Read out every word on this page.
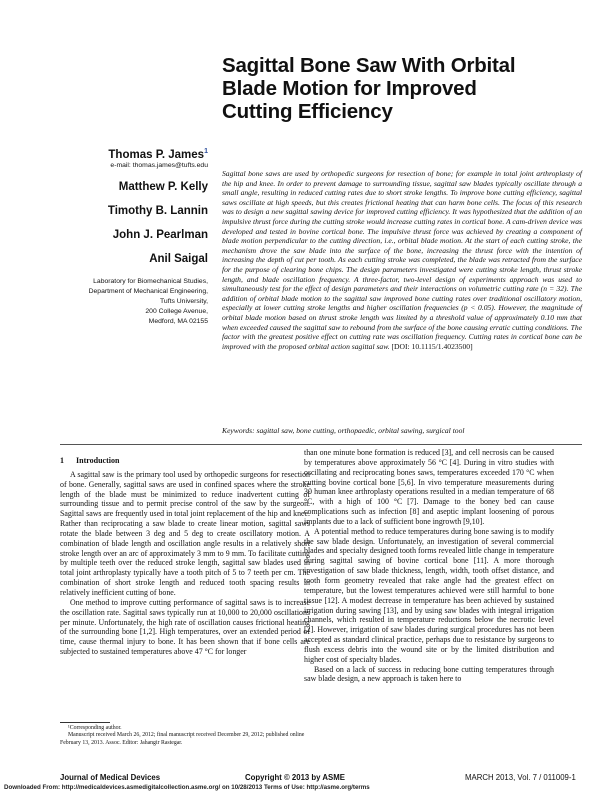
Sagittal Bone Saw With Orbital
Blade Motion for Improved
Cutting Efficiency
Thomas P. James$^1$
e-mail: thomas.james@tufts.edu
Matthew P. Kelly
Timothy B. Lannin
John J. Pearlman
Anil Saigal
Laboratory for Biomechanical Studies,
Department of Mechanical Engineering,
Tufts University,
200 College Avenue,
Medford, MA 02155
Sagittal bone saws are used by orthopedic surgeons for resection of bone; for example in total joint arthroplasty of the hip and knee. In order to prevent damage to surrounding tissue, sagittal saw blades typically oscillate through a small angle, resulting in reduced cutting rates due to short stroke lengths. To improve bone cutting efficiency, sagittal saws oscillate at high speeds, but this creates frictional heating that can harm bone cells. The focus of this research was to design a new sagittal sawing device for improved cutting efficiency. It was hypothesized that the addition of an impulsive thrust force during the cutting stroke would increase cutting rates in cortical bone. A cam-driven device was developed and tested in bovine cortical bone. The impulsive thrust force was achieved by creating a component of blade motion perpendicular to the cutting direction, i.e., orbital blade motion. At the start of each cutting stroke, the mechanism drove the saw blade into the surface of the bone, increasing the thrust force with the intention of increasing the depth of cut per tooth. As each cutting stroke was completed, the blade was retracted from the surface for the purpose of clearing bone chips. The design parameters investigated were cutting stroke length, thrust stroke length, and blade oscillation frequency. A three-factor, two-level design of experiments approach was used to simultaneously test for the effect of design parameters and their interactions on volumetric cutting rate (n = 32). The addition of orbital blade motion to the sagittal saw improved bone cutting rates over traditional oscillatory motion, especially at lower cutting stroke lengths and higher oscillation frequencies (p < 0.05). However, the magnitude of orbital blade motion based on thrust stroke length was limited by a threshold value of approximately 0.10 mm that when exceeded caused the sagittal saw to rebound from the surface of the bone causing erratic cutting conditions. The factor with the greatest positive effect on cutting rate was oscillation frequency. Cutting rates in cortical bone can be improved with the proposed orbital action sagittal saw. [DOI: 10.1115/1.4023500]
Keywords: sagittal saw, bone cutting, orthopaedic, orbital sawing, surgical tool
1 Introduction

A sagittal saw is the primary tool used by orthopedic surgeons for resection of bone. Generally, sagittal saws are used in confined spaces where the stroke length of the blade must be minimized to reduce inadvertent cutting of surrounding tissue and to permit precise control of the saw by the surgeon. Sagittal saws are frequently used in total joint replacement of the hip and knee. Rather than reciprocating a saw blade to create linear motion, sagittal saws rotate the blade between 3 deg and 5 deg to create oscillatory motion. A combination of blade length and oscillation angle results in a relatively short stroke length over an arc of approximately 3 mm to 9 mm. To facilitate cutting by multiple teeth over the reduced stroke length, sagittal saw blades used in total joint arthroplasty typically have a tooth pitch of 5 to 7 teeth per cm. The combination of short stroke length and reduced tooth spacing results in relatively inefficient cutting of bone.

One method to improve cutting performance of sagittal saws is to increase the oscillation rate. Sagittal saws typically run at 10,000 to 20,000 oscillations per minute. Unfortunately, the high rate of oscillation causes frictional heating of the surrounding bone [1,2]. High temperatures, over an extended period of time, cause thermal injury to bone. It has been shown that if bone cells are subjected to sustained temperatures above 47 °C for longer

than one minute bone formation is reduced [3], and cell necrosis can be caused by temperatures above approximately 56 °C [4]. During in vitro studies with oscillating and reciprocating bones saws, temperatures exceeded 170 °C when cutting bovine cortical bone [5,6]. In vivo temperature measurements during 30 human knee arthroplasty operations resulted in a median temperature of 68 °C, with a high of 100 °C [7]. Damage to the boney bed can cause complications such as infection [8] and aseptic implant loosening of porous implants due to a lack of sufficient bone ingrowth [9,10].

A potential method to reduce temperatures during bone sawing is to modify the saw blade design. Unfortunately, an investigation of several commercial blades and specialty designed tooth forms revealed little change in temperature during sagittal sawing of bovine cortical bone [11]. A more thorough investigation of saw blade thickness, length, width, tooth offset distance, and tooth form geometry revealed that rake angle had the greatest effect on temperature, but the lowest temperatures achieved were still harmful to bone tissue [12]. A modest decrease in temperature has been achieved by sustained irrigation during sawing [13], and by using saw blades with integral irrigation channels, which resulted in temperature reductions below the necrotic level [2]. However, irrigation of saw blades during surgical procedures has not been accepted as standard clinical practice, perhaps due to resistance by surgeons to flush excess debris into the wound site or by the limited distribution and higher cost of specialty blades.

Based on a lack of success in reducing bone cutting temperatures through saw blade design, a new approach is taken here to

¹Corresponding author.

Manuscript received March 26, 2012; final manuscript received December 29, 2012; published online February 13, 2013. Assoc. Editor: Jahangir Rastegar.

Journal of Medical Devices	Copyright © 2013 by ASME	MARCH 2013, Vol. 7 / 011009-1
Downloaded From: http://medicaldevices.asmedigitalcollection.asme.org/ on 10/28/2013 Terms of Use: http://asme.org/terms
